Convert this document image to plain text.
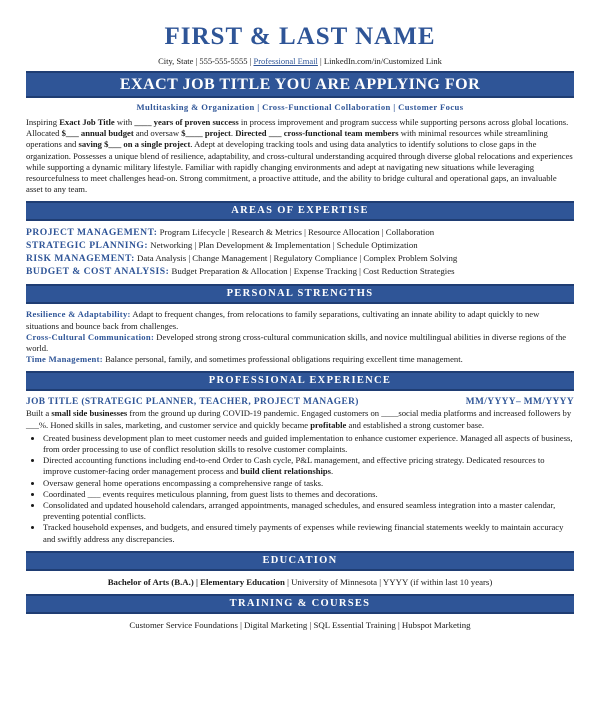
FIRST & LAST NAME
City, State | 555-555-5555 | Professional Email | LinkedIn.com/in/Customized Link
EXACT JOB TITLE YOU ARE APPLYING FOR
Multitasking & Organization | Cross-Functional Collaboration | Customer Focus

Inspiring Exact Job Title with ____ years of proven success in process improvement and program success while supporting persons across global locations. Allocated $___ annual budget and oversaw $____ project. Directed ___ cross-functional team members with minimal resources while streamlining operations and saving $___ on a single project. Adept at developing tracking tools and using data analytics to identify solutions to close gaps in the organization. Possesses a unique blend of resilience, adaptability, and cross-cultural understanding acquired through diverse global relocations and experiences while supporting a dynamic military lifestyle. Familiar with rapidly changing environments and adept at navigating new situations while leveraging resourcefulness to meet challenges head-on. Strong commitment, a proactive attitude, and the ability to bridge cultural and operational gaps, an invaluable asset to any team.

AREAS OF EXPERTISE
PROJECT MANAGEMENT: Program Lifecycle | Research & Metrics | Resource Allocation | Collaboration
STRATEGIC PLANNING: Networking | Plan Development & Implementation | Schedule Optimization
RISK MANAGEMENT: Data Analysis | Change Management | Regulatory Compliance | Complex Problem Solving
BUDGET & COST ANALYSIS: Budget Preparation & Allocation | Expense Tracking | Cost Reduction Strategies
PERSONAL STRENGTHS

Resilience & Adaptability: Adapt to frequent changes, from relocations to family separations, cultivating an innate ability to adapt quickly to new situations and bounce back from challenges.

Cross-Cultural Communication: Developed strong strong cross-cultural communication skills, and novice multilingual abilities in diverse regions of the world.

Time Management: Balance personal, family, and sometimes professional obligations requiring excellent time management.

PROFESSIONAL EXPERIENCE
JOB TITLE (STRATEGIC PLANNER, TEACHER, PROJECT MANAGER)	MM/YYYY– MM/YYYY

Built a small side businesses from the ground up during COVID-19 pandemic. Engaged customers on ____social media platforms and increased followers by ___%. Honed skills in sales, marketing, and customer service and quickly became profitable and established a strong customer base.

• Created business development plan to meet customer needs and guided implementation to enhance customer experience. Managed all aspects of business, from order processing to use of conflict resolution skills to resolve customer complaints.
• Directed accounting functions including end-to-end Order to Cash cycle, P&L management, and effective pricing strategy. Dedicated resources to improve customer-facing order management process and build client relationships.
• Oversaw general home operations encompassing a comprehensive range of tasks.
• Coordinated ___ events requires meticulous planning, from guest lists to themes and decorations.
• Consolidated and updated household calendars, arranged appointments, managed schedules, and ensured seamless integration into a master calendar, preventing potential conflicts.
• Tracked household expenses, and budgets, and ensured timely payments of expenses while reviewing financial statements weekly to maintain accuracy and swiftly address any discrepancies.
EDUCATION
Bachelor of Arts (B.A.) | Elementary Education | University of Minnesota | YYYY (if within last 10 years)
TRAINING & COURSES
Customer Service Foundations | Digital Marketing | SQL Essential Training | Hubspot Marketing
